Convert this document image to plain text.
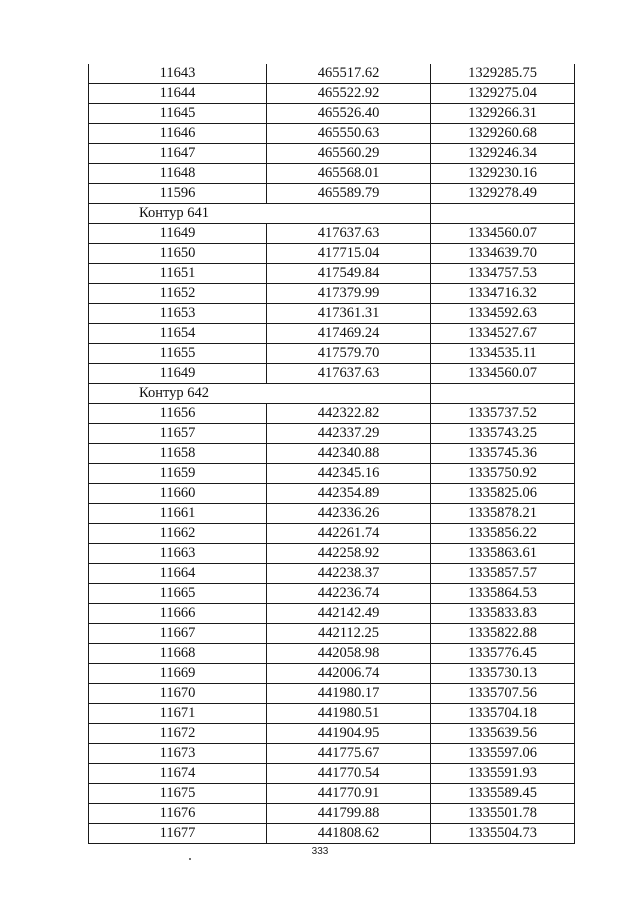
11643	465517.62	1329285.75
11644	465522.92	1329275.04
11645	465526.40	1329266.31
11646	465550.63	1329260.68
11647	465560.29	1329246.34
11648	465568.01	1329230.16
11596	465589.79	1329278.49
Контур 641		
11649	417637.63	1334560.07
11650	417715.04	1334639.70
11651	417549.84	1334757.53
11652	417379.99	1334716.32
11653	417361.31	1334592.63
11654	417469.24	1334527.67
11655	417579.70	1334535.11
11649	417637.63	1334560.07
Контур 642		
11656	442322.82	1335737.52
11657	442337.29	1335743.25
11658	442340.88	1335745.36
11659	442345.16	1335750.92
11660	442354.89	1335825.06
11661	442336.26	1335878.21
11662	442261.74	1335856.22
11663	442258.92	1335863.61
11664	442238.37	1335857.57
11665	442236.74	1335864.53
11666	442142.49	1335833.83
11667	442112.25	1335822.88
11668	442058.98	1335776.45
11669	442006.74	1335730.13
11670	441980.17	1335707.56
11671	441980.51	1335704.18
11672	441904.95	1335639.56
11673	441775.67	1335597.06
11674	441770.54	1335591.93
11675	441770.91	1335589.45
11676	441799.88	1335501.78
11677	441808.62	1335504.73
333
